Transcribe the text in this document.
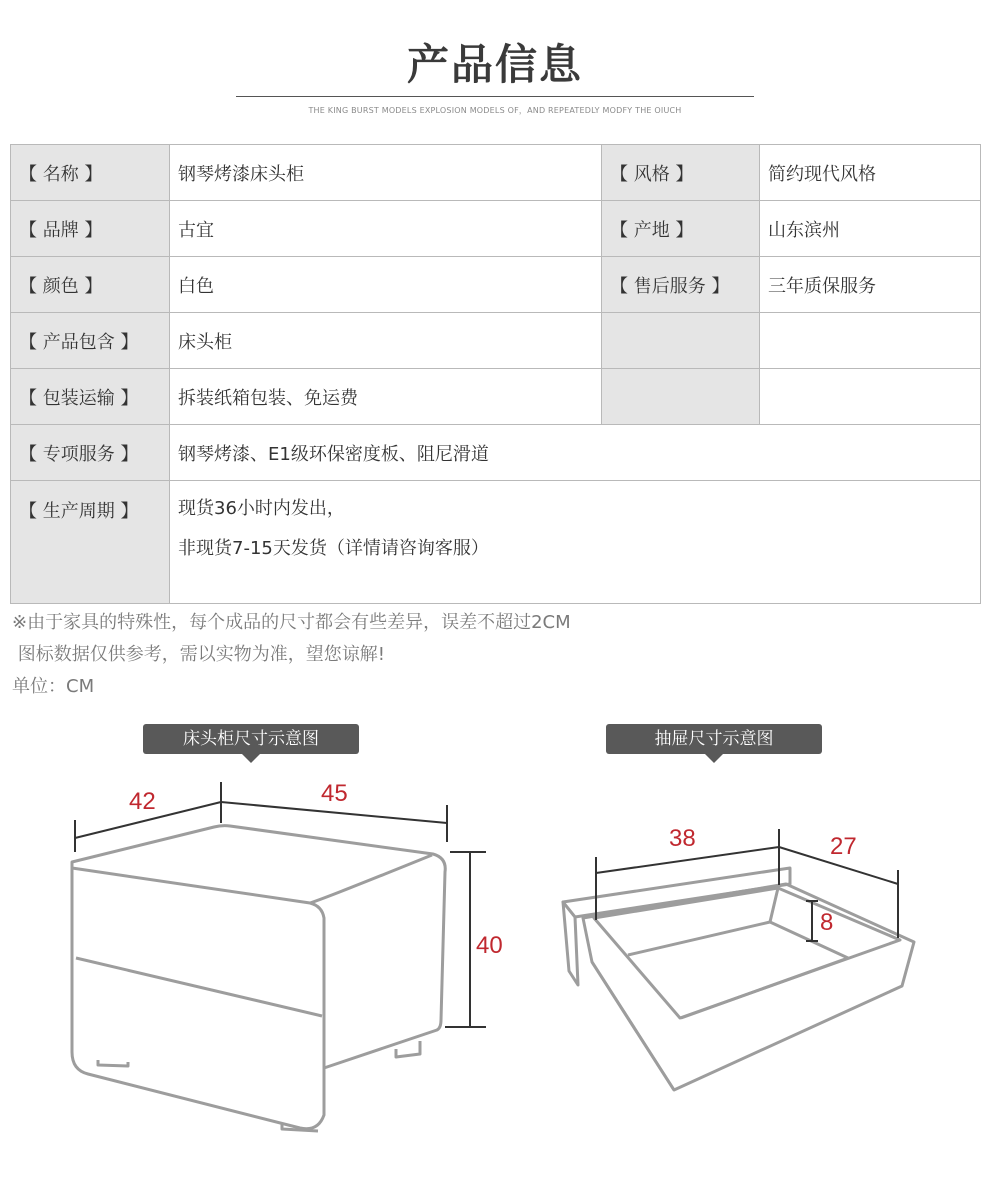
产品信息
THE KING BURST MODELS EXPLOSION MODELS OF，AND REPEATEDLY MODFY THE OIUCH
【 名称 】	钢琴烤漆床头柜	【 风格 】	简约现代风格
【 品牌 】	古宜	【 产地 】	山东滨州
【 颜色 】	白色	【 售后服务 】	三年质保服务
【 产品包含 】	床头柜		
【 包装运输 】	拆装纸箱包装、免运费		
【 专项服务 】	钢琴烤漆、E1级环保密度板、阻尼滑道		
【 生产周期 】	现货36小时内发出，
非现货7-15天发货（详情请咨询客服）		
※由于家具的特殊性，每个成品的尺寸都会有些差异，误差不超过2CM
图标数据仅供参考，需以实物为准，望您谅解!
单位：CM
床头柜尺寸示意图	抽屉尺寸示意图
42	45
40
38	27
8
